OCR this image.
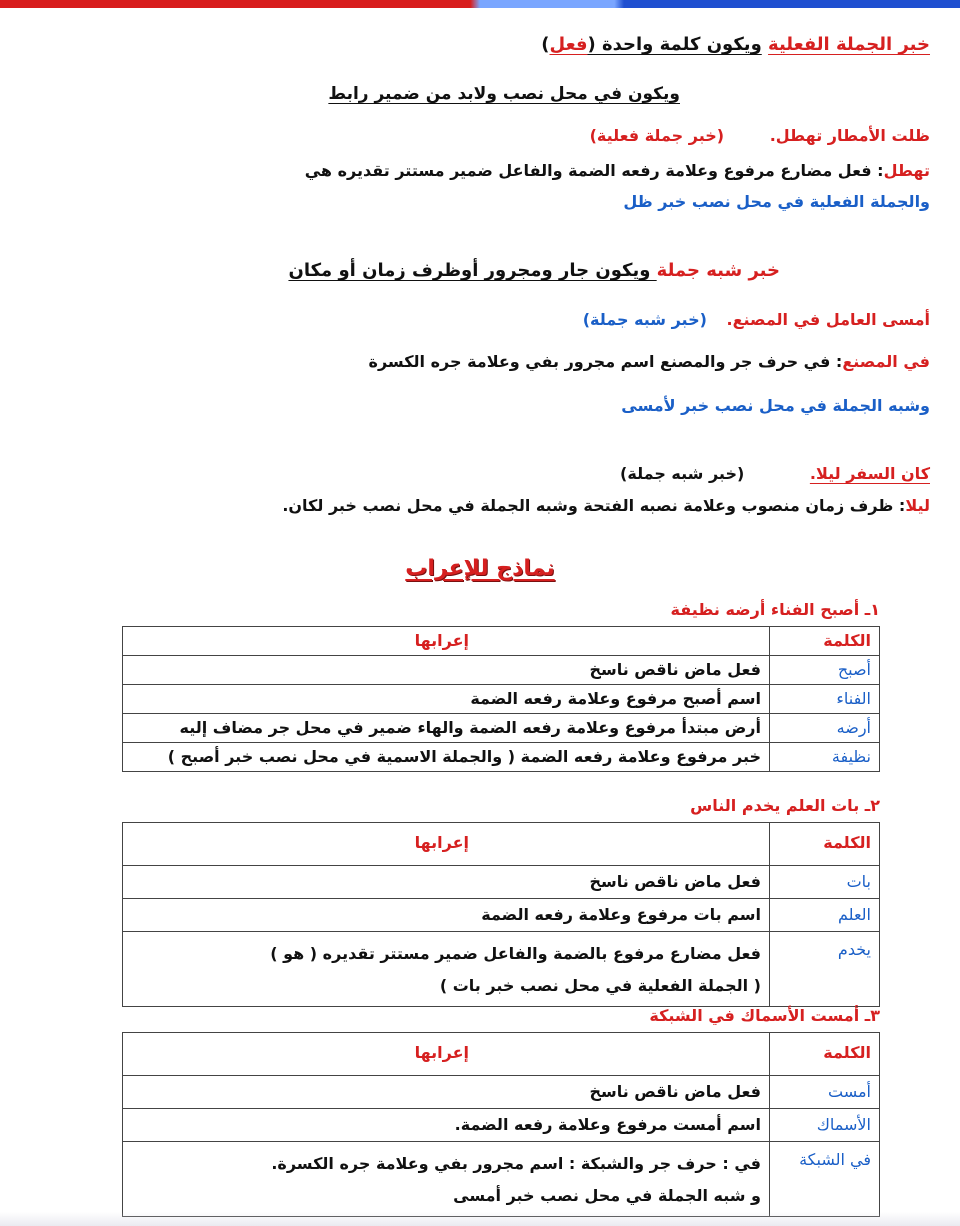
خبر الجملة الفعلية ويكون كلمة واحدة (فعل)
ويكون في محل نصب ولابد من ضمير رابط
ظلت الأمطار تهطل. (خبر جملة فعلية)
تهطل: فعل مضارع مرفوع وعلامة رفعه الضمة والفاعل ضمير مستتر تقديره هي
والجملة الفعلية في محل نصب خبر ظل
خبر شبه جملة ويكون جار ومجرور أوظرف زمان أو مكان
أمسى العامل في المصنع. (خبر شبه جملة)
في المصنع: في حرف جر والمصنع اسم مجرور بفي وعلامة جره الكسرة
وشبه الجملة في محل نصب خبر لأمسى
كان السفر ليلا. (خبر شبه جملة)
ليلا: ظرف زمان منصوب وعلامة نصبه الفتحة وشبه الجملة في محل نصب خبر لكان.
نماذج للإعراب
١ـ أصبح الفناء أرضه نظيفة
الكلمة	إعرابها
أصبح	فعل ماض ناقص ناسخ
الفناء	اسم أصبح مرفوع وعلامة رفعه الضمة
أرضه	أرض مبتدأ مرفوع وعلامة رفعه الضمة والهاء ضمير في محل جر مضاف إليه
نظيفة	خبر مرفوع وعلامة رفعه الضمة ( والجملة الاسمية في محل نصب خبر أصبح )
٢ـ بات العلم يخدم الناس
الكلمة	إعرابها
بات	فعل ماض ناقص ناسخ
العلم	اسم بات مرفوع وعلامة رفعه الضمة
يخدم	فعل مضارع مرفوع بالضمة والفاعل ضمير مستتر تقديره ( هو )
( الجملة الفعلية في محل نصب خبر بات )
٣ـ أمست الأسماك في الشبكة
الكلمة	إعرابها
أمست	فعل ماض ناقص ناسخ
الأسماك	اسم أمست مرفوع وعلامة رفعه الضمة.
في الشبكة	في : حرف جر والشبكة : اسم مجرور بفي وعلامة جره الكسرة.
و شبه الجملة في محل نصب خبر أمسى
